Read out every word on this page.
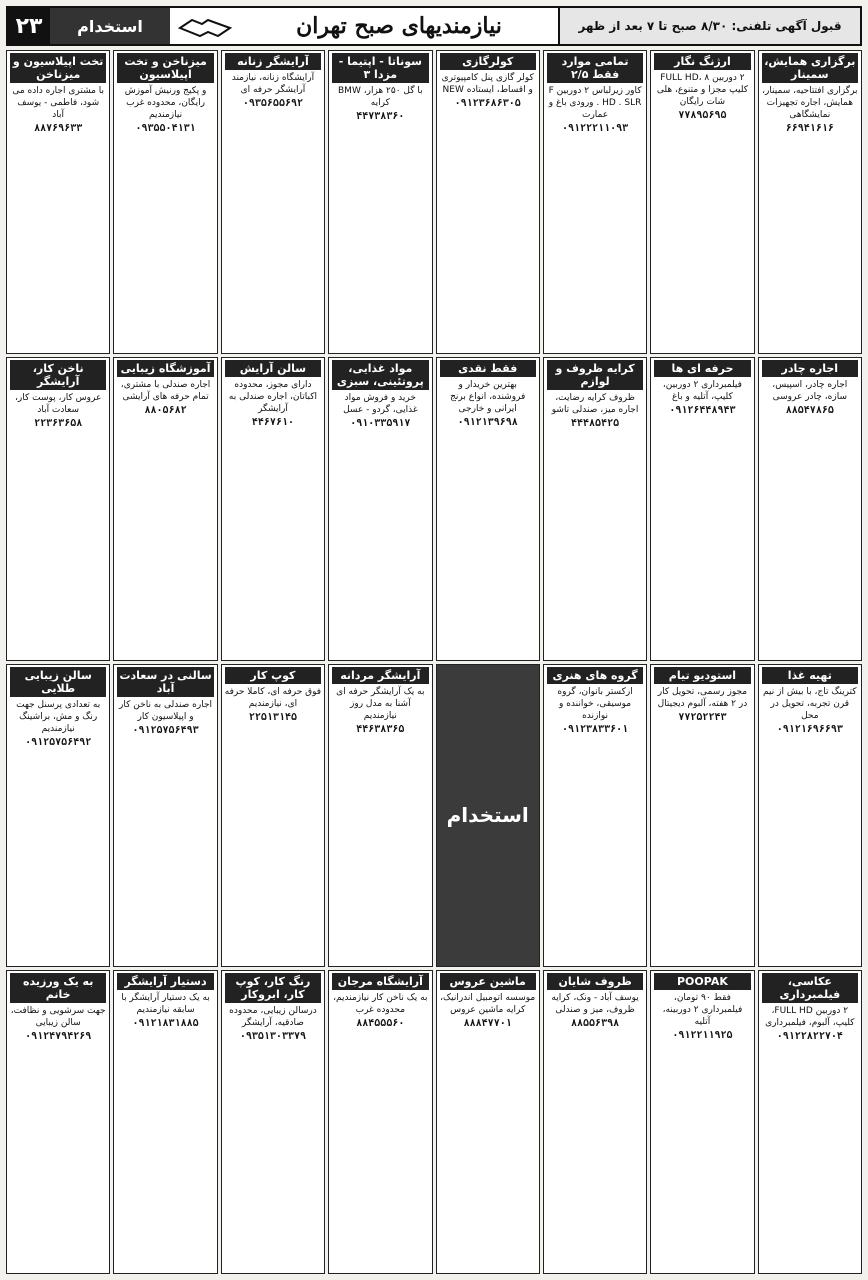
۲۳	استخدام	نیازمندیهای صبح تهران	قبول آگهی تلفنی: ۸/۳۰ صبح تا ۷ بعد از ظهر
برگزاری همایش، سمینار

برگزاری افتتاحیه، سمینار، همایش، اجاره تجهیزات نمایشگاهی

۶۶۹۴۱۶۱۶
ارژنگ نگار

۲ دوربین FULL HD، ۸ کلیپ مجزا و متنوع، هلی شات رایگان

۷۷۸۹۵۶۹۵
تمامی موارد فقط ۲/۵

کاور زیرلباس ۲ دوربین F . HD . SLR ورودی باغ و عمارت

۰۹۱۲۲۲۱۱۰۹۳
کولرگازی

کولر گازی پنل کامپیوتری و اقساط، ایستاده NEW

۰۹۱۲۳۶۸۶۳۰۵
سوناتا - اپتیما - مزدا ۳

با گل ۲۵۰ هزار، BMW کرایه

۴۴۷۳۸۳۶۰
آرایشگر زنانه

آرایشگاه زنانه، نیازمند آرایشگر حرفه ای

۰۹۳۵۶۵۵۶۹۲
میزناخن و تخت اپیلاسیون

و پکیج ورنیش آموزش رایگان، محدوده غرب نیازمندیم

۰۹۳۵۵۰۴۱۳۱
تخت اپیلاسیون و میزناخن

با مشتری اجاره داده می شود، فاطمی - یوسف آباد

۸۸۷۶۹۶۳۳
اجاره چادر

اجاره چادر، اسپیس، سازه، چادر عروسی

۸۸۵۴۷۸۶۵
حرفه ای ها

فیلمبرداری ۲ دوربین، کلیپ، آتلیه و باغ

۰۹۱۲۶۴۴۸۹۴۳
کرایه ظروف و لوازم

ظروف کرایه رضایت، اجاره میز، صندلی تاشو

۴۴۴۸۵۴۲۵
فقط نقدی

بهترین خریدار و فروشنده، انواع برنج ایرانی و خارجی

۰۹۱۲۱۳۹۶۹۸
مواد غذایی، پروتئینی، سبزی

خرید و فروش مواد غذایی، گردو - عسل

۰۹۱۰۳۳۵۹۱۷
سالن آرایش

دارای مجوز، محدوده اکباتان، اجاره صندلی به آرایشگر

۴۴۶۷۶۱۰
آموزشگاه زیبایی

اجاره صندلی با مشتری، تمام حرفه های آرایشی

۸۸۰۵۶۸۲
ناخن کار، آرایشگر

عروس کار، پوست کار، سعادت آباد

۲۲۳۶۳۶۵۸
تهیه غذا

کترینگ تاج، با بیش از نیم قرن تجربه، تحویل در محل

۰۹۱۲۱۶۹۶۶۹۳
استودیو تیام

مجوز رسمی، تحویل کار در ۲ هفته، آلبوم دیجیتال

۷۷۲۵۲۲۴۳
گروه های هنری

ارکستر بانوان، گروه موسیقی، خواننده و نوازنده

۰۹۱۲۳۸۳۳۶۰۱
استخدام
آرایشگر مردانه

به یک آرایشگر حرفه ای آشنا به مدل روز نیازمندیم

۴۴۶۳۸۳۶۵
کوپ کار

فوق حرفه ای، کاملا حرفه ای، نیازمندیم

۲۲۵۱۳۱۴۵
سالنی در سعادت آباد

اجاره صندلی به ناخن کار و اپیلاسیون کار

۰۹۱۲۵۷۵۶۴۹۳
سالن زیبایی طلایی

به تعدادی پرسنل جهت رنگ و مش، براشینگ نیازمندیم

۰۹۱۲۵۷۵۶۴۹۲
عکاسی، فیلمبرداری

۲ دوربین FULL HD، کلیپ، آلبوم، فیلمبرداری

۰۹۱۲۲۸۲۲۷۰۴
POOPAK

فقط ۹۰ تومان، فیلمبرداری ۲ دوربینه، آتلیه

۰۹۱۲۲۱۱۹۲۵
ظروف شایان

یوسف آباد - ونک، کرایه ظروف، میز و صندلی

۸۸۵۵۶۳۹۸
ماشین عروس

موسسه اتومبیل اندرانیک، کرایه ماشین عروس

۸۸۸۴۷۷۰۱
آرایشگاه مرجان

به یک ناخن کار نیازمندیم، محدوده غرب

۸۸۴۵۵۵۶۰
رنگ کار، کوپ کار، ابروکار

درسالن زیبایی، محدوده صادقیه، آرایشگر

۰۹۳۵۱۳۰۳۳۷۹
دستیار آرایشگر

به یک دستیار آرایشگر با سابقه نیازمندیم

۰۹۱۲۱۸۳۱۸۸۵
به یک ورزیده خانم

جهت سرشویی و نظافت، سالن زیبایی

۰۹۱۲۴۷۹۴۲۶۹
